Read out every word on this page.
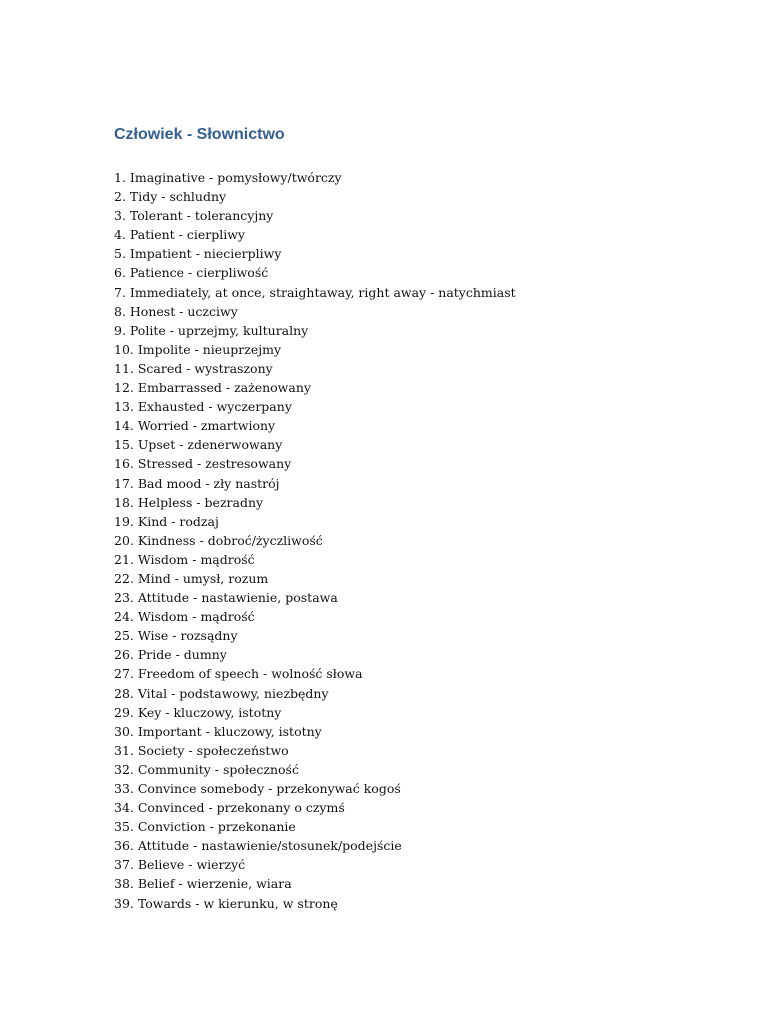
Człowiek - Słownictwo
1. Imaginative - pomysłowy/twórczy
2. Tidy - schludny
3. Tolerant - tolerancyjny
4. Patient - cierpliwy
5. Impatient - niecierpliwy
6. Patience - cierpliwość
7. Immediately, at once, straightaway, right away - natychmiast
8. Honest - uczciwy
9. Polite - uprzejmy, kulturalny
10. Impolite - nieuprzejmy
11. Scared - wystraszony
12. Embarrassed - zażenowany
13. Exhausted - wyczerpany
14. Worried - zmartwiony
15. Upset - zdenerwowany
16. Stressed - zestresowany
17. Bad mood - zły nastrój
18. Helpless - bezradny
19. Kind - rodzaj
20. Kindness - dobroć/życzliwość
21. Wisdom - mądrość
22. Mind - umysł, rozum
23. Attitude - nastawienie, postawa
24. Wisdom - mądrość
25. Wise - rozsądny
26. Pride - dumny
27. Freedom of speech - wolność słowa
28. Vital - podstawowy, niezbędny
29. Key - kluczowy, istotny
30. Important - kluczowy, istotny
31. Society - społeczeństwo
32. Community - społeczność
33. Convince somebody - przekonywać kogoś
34. Convinced - przekonany o czymś
35. Conviction - przekonanie
36. Attitude - nastawienie/stosunek/podejście
37. Believe - wierzyć
38. Belief - wierzenie, wiara
39. Towards - w kierunku, w stronę
